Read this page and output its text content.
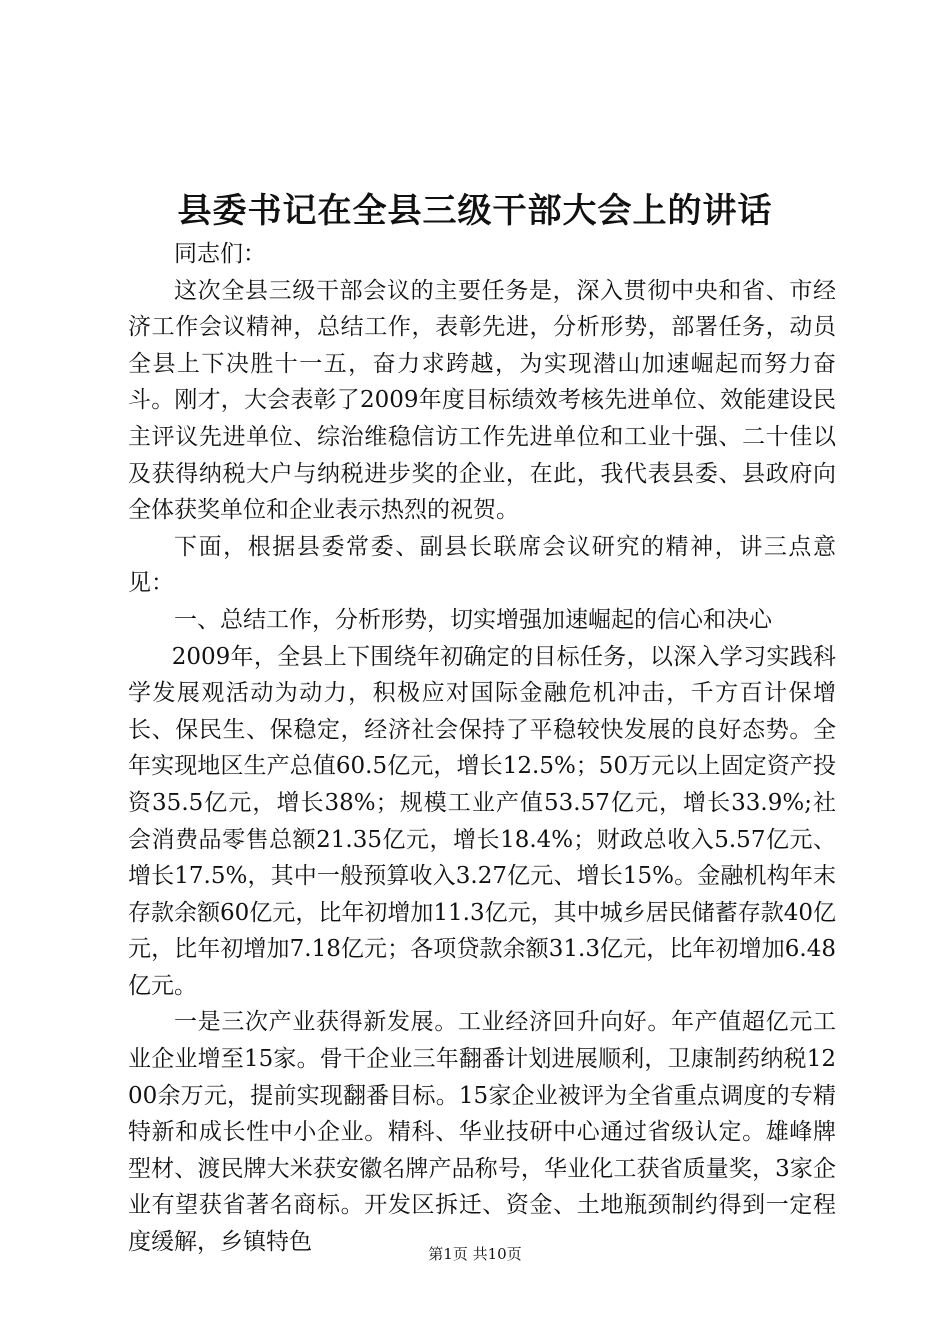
县委书记在全县三级干部大会上的讲话

同志们：

这次全县三级干部会议的主要任务是，深入贯彻中央和省、市经济工作会议精神，总结工作，表彰先进，分析形势，部署任务，动员全县上下决胜十一五，奋力求跨越，为实现潜山加速崛起而努力奋斗。刚才，大会表彰了2009年度目标绩效考核先进单位、效能建设民主评议先进单位、综治维稳信访工作先进单位和工业十强、二十佳以及获得纳税大户与纳税进步奖的企业，在此，我代表县委、县政府向全体获奖单位和企业表示热烈的祝贺。

下面，根据县委常委、副县长联席会议研究的精神，讲三点意见：

一、总结工作，分析形势，切实增强加速崛起的信心和决心

2009年，全县上下围绕年初确定的目标任务，以深入学习实践科学发展观活动为动力，积极应对国际金融危机冲击，千方百计保增长、保民生、保稳定，经济社会保持了平稳较快发展的良好态势。全年实现地区生产总值60.5亿元，增长12.5%；50万元以上固定资产投资35.5亿元，增长38%；规模工业产值53.57亿元，增长33.9%;社会消费品零售总额21.35亿元，增长18.4%；财政总收入5.57亿元、增长17.5%，其中一般预算收入3.27亿元、增长15%。金融机构年末存款余额60亿元，比年初增加11.3亿元，其中城乡居民储蓄存款40亿元，比年初增加7.18亿元；各项贷款余额31.3亿元，比年初增加6.48亿元。

一是三次产业获得新发展。工业经济回升向好。年产值超亿元工业企业增至15家。骨干企业三年翻番计划进展顺利，卫康制药纳税1200余万元，提前实现翻番目标。15家企业被评为全省重点调度的专精特新和成长性中小企业。精科、华业技研中心通过省级认定。雄峰牌型材、渡民牌大米获安徽名牌产品称号，华业化工获省质量奖，3家企业有望获省著名商标。开发区拆迁、资金、土地瓶颈制约得到一定程度缓解，乡镇特色	第1页 共10页
